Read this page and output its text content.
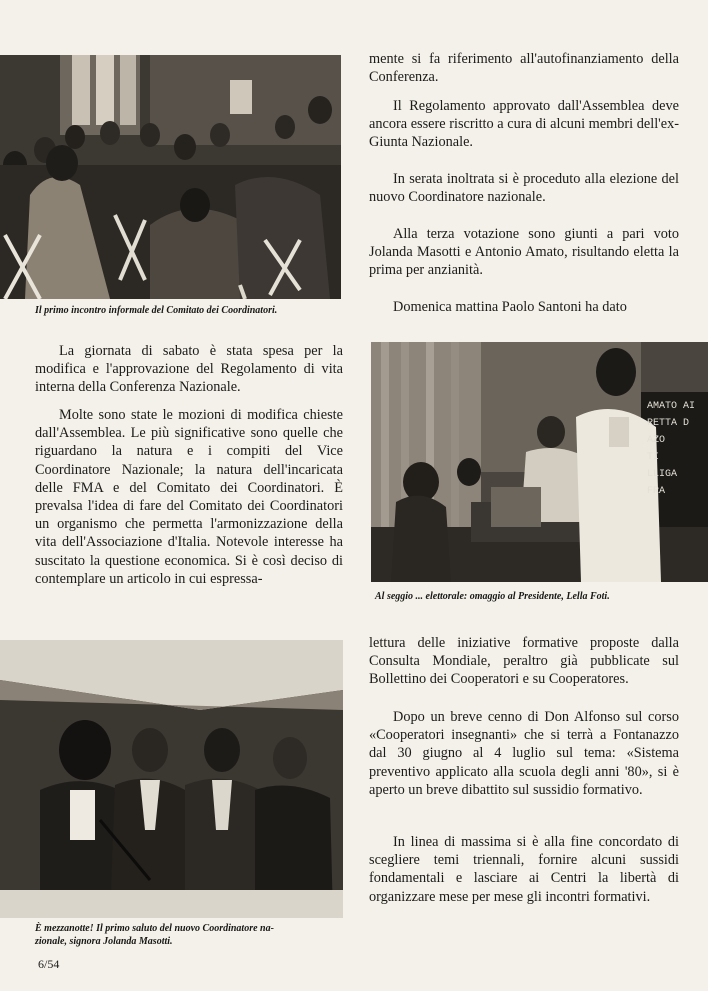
Il primo incontro informale del Comitato dei Coordinatori.

mente si fa riferimento all'autofinanziamento della Conferenza.

Il Regolamento approvato dall'Assemblea deve ancora essere riscritto a cura di alcuni membri dell'ex-Giunta Nazionale.

In serata inoltrata si è proceduto alla elezione del nuovo Coordinatore nazionale.

Alla terza votazione sono giunti a pari voto Jolanda Masotti e Antonio Amato, risultando eletta la prima per anzianità.

Domenica mattina Paolo Santoni ha dato

La giornata di sabato è stata spesa per la modifica e l'approvazione del Regolamento di vita interna della Conferenza Nazionale.

Molte sono state le mozioni di modifica chieste dall'Assemblea. Le più significative sono quelle che riguardano la natura e i compiti del Vice Coordinatore Nazionale; la natura dell'incaricata delle FMA e del Comitato dei Coordinatori. È prevalsa l'idea di fare del Comitato dei Coordinatori un organismo che permetta l'armonizzazione della vita dell'Associazione d'Italia. Notevole interesse ha suscitato la questione economica. Si è così deciso di contemplare un articolo in cui espressa-

AMATO AI
RETTA D
AZO
TI
LLIGA
FRA
Al seggio ... elettorale: omaggio al Presidente, Lella Foti.
È mezzanotte! Il primo saluto del nuovo Coordinatore na-
zionale, signora Jolanda Masotti.

lettura delle iniziative formative proposte dalla Consulta Mondiale, peraltro già pubblicate sul Bollettino dei Cooperatori e su Cooperatores.

Dopo un breve cenno di Don Alfonso sul corso «Cooperatori insegnanti» che si terrà a Fontanazzo dal 30 giugno al 4 luglio sul tema: «Sistema preventivo applicato alla scuola degli anni '80», si è aperto un breve dibattito sul sussidio formativo.

In linea di massima si è alla fine concordato di scegliere temi triennali, fornire alcuni sussidi fondamentali e lasciare ai Centri la libertà di organizzare mese per mese gli incontri formativi.

6/54
